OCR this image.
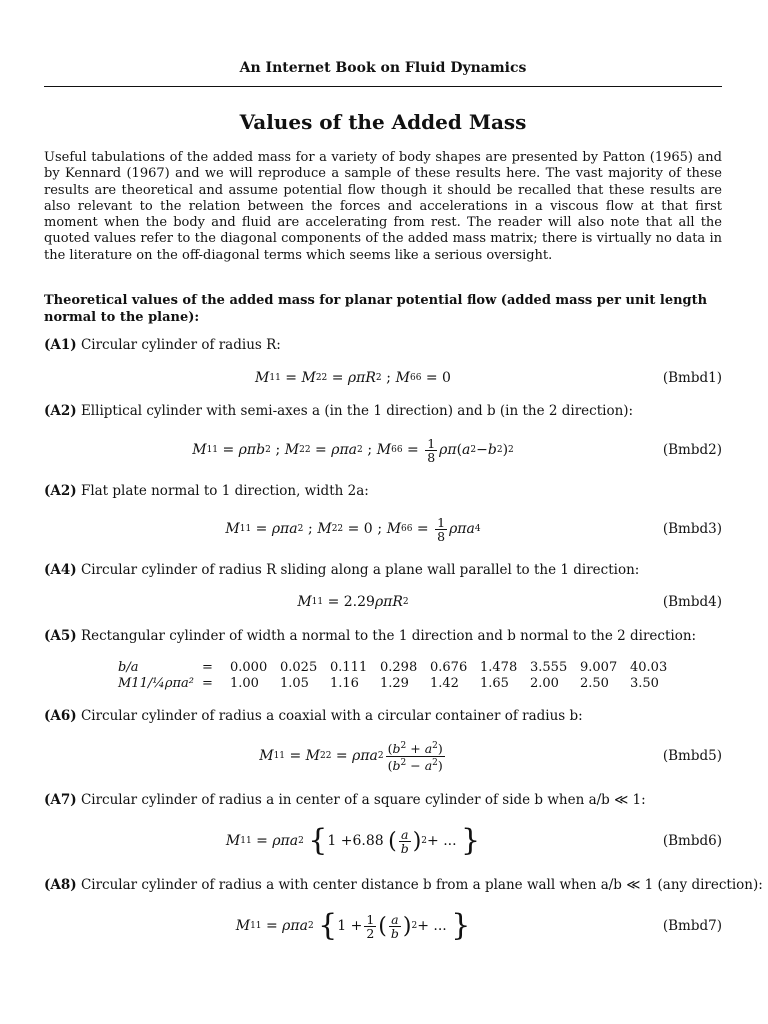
An Internet Book on Fluid Dynamics
Values of the Added Mass
Useful tabulations of the added mass for a variety of body shapes are presented by Patton (1965) and by Kennard (1967) and we will reproduce a sample of these results here. The vast majority of these results are theoretical and assume potential flow though it should be recalled that these results are also relevant to the relation between the forces and accelerations in a viscous flow at that first moment when the body and fluid are accelerating from rest. The reader will also note that all the quoted values refer to the diagonal components of the added mass matrix; there is virtually no data in the literature on the off-diagonal terms which seems like a serious oversight.
Theoretical values of the added mass for planar potential flow (added mass per unit length normal to the plane):
(A1) Circular cylinder of radius R:
M 11 = M 22 = ρπR 2 ; M 66 = 0	(Bmbd1)
(A2) Elliptical cylinder with semi-axes a (in the 1 direction) and b (in the 2 direction):
M 11 = ρπb 2 ; M 22 = ρπa 2 ; M $66 = \frac{1}{8}$ ρπ ( a 2 − b 2 ) 2	(Bmbd2)
(A2) Flat plate normal to 1 direction, width 2a:
M 11 = ρπa 2 ; M 22 = 0 ; M $66 = \frac{1}{8}$ ρπa 4	(Bmbd3)
(A4) Circular cylinder of radius R sliding along a plane wall parallel to the 1 direction:
M 11 = 2.29 ρπR 2	(Bmbd4)
(A5) Rectangular cylinder of width a normal to the 1 direction and b normal to the 2 direction:
b/a	=	0.000	0.025	0.111	0.298	0.676	1.478	3.555	9.007	40.03
M11/¼ρπa²	=	1.00	1.05	1.16	1.29	1.42	1.65	2.00	2.50	3.50
(A6) Circular cylinder of radius a coaxial with a circular container of radius b:
M 11 = M 22 = ρπa $2 \frac{(b^2 + a^2)}{(b^2 - a^2)}$	(Bmbd5)
(A7) Circular cylinder of radius a in center of a square cylinder of side b when a/b ≪ 1:
M 11 = ρπa 2
{ 1 + 6.88
( $\frac{a}{b}$ ) 2 + ... }	(Bmbd6)
(A8) Circular cylinder of radius a with center distance b from a plane wall when a/b ≪ 1 (any direction):
M 11 = ρπa 2
{ $1 + \frac{1}{2}$ ( $\frac{a}{b}$ ) 2 + ... }	(Bmbd7)
